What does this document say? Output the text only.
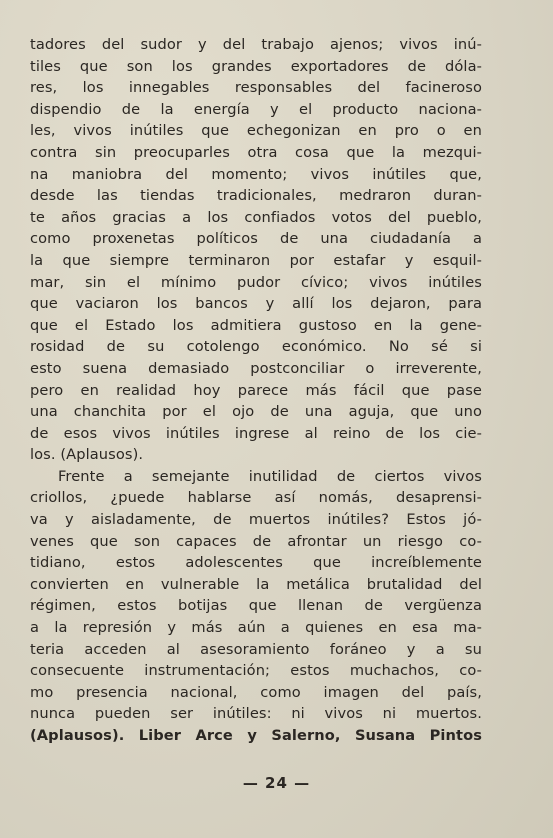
tadores del sudor y del trabajo ajenos; vivos inú-
tiles que son los grandes exportadores de dóla-
res, los innegables responsables del facineroso
dispendio de la energía y el producto naciona-
les, vivos inútiles que echegonizan en pro o en
contra sin preocuparles otra cosa que la mezqui-
na maniobra del momento; vivos inútiles que,
desde las tiendas tradicionales, medraron duran-
te años gracias a los confiados votos del pueblo,
como proxenetas políticos de una ciudadanía a
la que siempre terminaron por estafar y esquil-
mar, sin el mínimo pudor cívico; vivos inútiles
que vaciaron los bancos y allí los dejaron, para
que el Estado los admitiera gustoso en la gene-
rosidad de su cotolengo económico. No sé si
esto suena demasiado postconciliar o irreverente,
pero en realidad hoy parece más fácil que pase
una chanchita por el ojo de una aguja, que uno
de esos vivos inútiles ingrese al reino de los cie-
los. (Aplausos).
Frente a semejante inutilidad de ciertos vivos
criollos, ¿puede hablarse así nomás, desaprensi-
va y aisladamente, de muertos inútiles? Estos jó-
venes que son capaces de afrontar un riesgo co-
tidiano, estos adolescentes que increíblemente
convierten en vulnerable la metálica brutalidad del
régimen, estos botijas que llenan de vergüenza
a la represión y más aún a quienes en esa ma-
teria acceden al asesoramiento foráneo y a su
consecuente instrumentación; estos muchachos, co-
mo presencia nacional, como imagen del país,
nunca pueden ser inútiles: ni vivos ni muertos.
(Aplausos). Liber Arce y Salerno, Susana Pintos
— 24 —
